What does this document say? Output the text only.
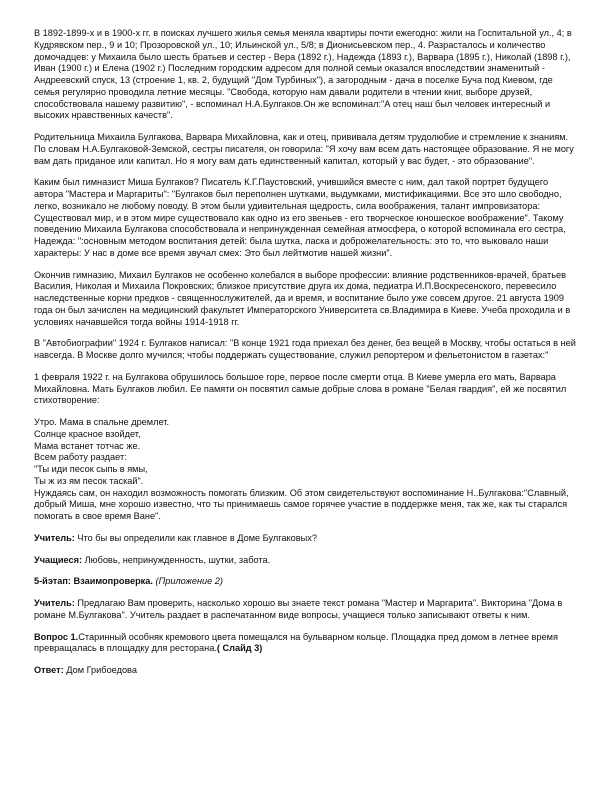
В 1892-1899-х и в 1900-х гг. в поисках лучшего жилья семья меняла квартиры почти ежегодно: жили на Госпитальной ул., 4; в Кудрявском пер., 9 и 10; Прозоровской ул., 10; Ильинской ул., 5/8; в Дионисьевском пер., 4. Разрасталось и количество домочадцев: у Михаила было шесть братьев и сестер - Вера (1892 г.), Надежда (1893 г.), Варвара (1895 г.), Николай (1898 г.), Иван (1900 г.) и Елена (1902 г.) Последним городским адресом для полной семьи оказался впоследствии знаменитый - Андреевский спуск, 13 (строение 1, кв. 2, будущий "Дом Турбиных"), а загородным - дача в поселке Буча под Киевом, где семья регулярно проводила летние месяцы. "Свобода, которую нам давали родители в чтении книг, выборе друзей, способствовала нашему развитию", - вспоминал Н.А.Булгаков.Он же вспоминал:"А отец наш был человек интересный и высоких нравственных качеств".

Родительница Михаила Булгакова, Варвара Михайловна, как и отец, прививала детям трудолюбие и стремление к знаниям. По словам Н.А.Булгаковой-Земской, сестры писателя, он говорила: "Я хочу вам всем дать настоящее образование. Я не могу вам дать приданое или капитал. Но я могу вам дать единственный капитал, который у вас будет, - это образование".

Каким был гимназист Миша Булгаков? Писатель К.Г.Паустовский, учившийся вместе с ним, дал такой портрет будущего автора "Мастера и Маргариты": "Булгаков был переполнен шутками, выдумками, мистификациями. Все это шло свободно, легко, возникало не любому поводу. В этом были удивительная щедрость, сила воображения, талант импровизатора: Существовал мир, и в этом мире существовало как одно из его звеньев - его творческое юношеское воображение". Такому поведению Михаила Булгакова способствовала и непринужденная семейная атмосфера, о которой вспоминала его сестра, Надежда: ":основным методом воспитания детей: была шутка, ласка и доброжелательность: это то, что выковало наши характеры: У нас в доме все время звучал смех: Это был лейтмотив нашей жизни".

Окончив гимназию, Михаил Булгаков не особенно колебался в выборе профессии: влияние родственников-врачей, братьев Василия, Николая и Михаила Покровских; близкое присутствие друга их дома, педиатра И.П.Воскресенского, перевесило наследственные корни предков - священнослужителей, да и время, и воспитание было уже совсем другое. 21 августа 1909 года он был зачислен на медицинский факультет Императорского Университета св.Владимира в Киеве. Учеба проходила и в условиях начавшейся тогда войны 1914-1918 гг.

В "Автобиографии" 1924 г. Булгаков написал: "В конце 1921 года приехал без денег, без вещей в Москву, чтобы остаться в ней навсегда. В Москве долго мучился; чтобы поддержать существование, служил репортером и фельетонистом в газетах:"

1 февраля 1922 г. на Булгакова обрушилось большое горе, первое после смерти отца. В Киеве умерла его мать, Варвара Михайловна. Мать Булгаков любил. Ее памяти он посвятил самые добрые слова в романе "Белая гвардия", ей же посвятил стихотворение:

Утро. Мама в спальне дремлет.
Солнце красное взойдет,
Мама встанет тотчас же.
Всем работу раздает:
"Ты иди песок сыпь в ямы,
Ты ж из ям песок таскай".

Нуждаясь сам, он находил возможность помогать близким. Об этом свидетельствуют воспоминание Н..Булгакова:"Славный, добрый Миша, мне хорошо известно, что ты принимаешь самое горячее участие в поддержке меня, так же, как ты старался помогать в свое время Ване".

Учитель: Что бы вы определили как главное в Доме Булгаковых?

Учащиеся: Любовь, непринужденность, шутки, забота.

5-йэтап: Взаимопроверка. (Приложение 2)

Учитель: Предлагаю Вам проверить, насколько хорошо вы знаете текст романа "Мастер и Маргарита". Викторина "Дома в романе М.Булгакова". Учитель раздает в распечатанном виде вопросы, учащиеся только записывают ответы к ним.

Вопрос 1.Старинный особняк кремового цвета помещался на бульварном кольце. Площадка пред домом в летнее время превращалась в площадку для ресторана.( Слайд 3)

Ответ: Дом Грибоедова
